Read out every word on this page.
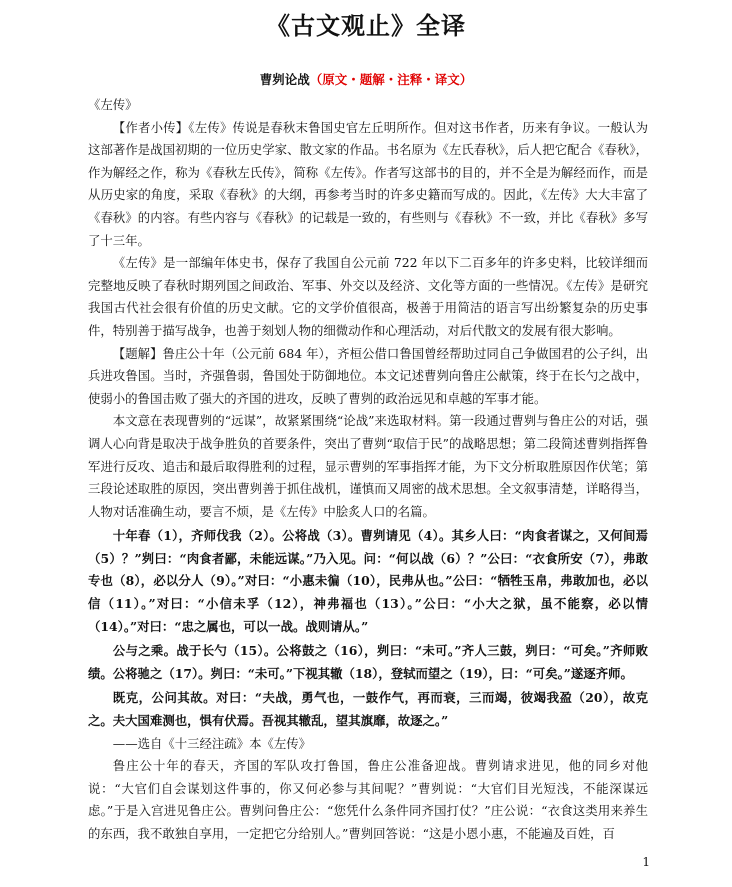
《古文观止》全译
曹刿论战（原文・题解・注释・译文）

《左传》

【作者小传】《左传》传说是春秋末鲁国史官左丘明所作。但对这书作者，历来有争议。一般认为这部著作是战国初期的一位历史学家、散文家的作品。书名原为《左氏春秋》，后人把它配合《春秋》，作为解经之作，称为《春秋左氏传》，简称《左传》。作者写这部书的目的，并不全是为解经而作，而是从历史家的角度，采取《春秋》的大纲，再参考当时的许多史籍而写成的。因此，《左传》大大丰富了《春秋》的内容。有些内容与《春秋》的记载是一致的，有些则与《春秋》不一致，并比《春秋》多写了十三年。

《左传》是一部编年体史书，保存了我国自公元前 722 年以下二百多年的许多史料，比较详细而完整地反映了春秋时期列国之间政治、军事、外交以及经济、文化等方面的一些情况。《左传》是研究我国古代社会很有价值的历史文献。它的文学价值很高，极善于用简洁的语言写出纷繁复杂的历史事件，特别善于描写战争，也善于刻划人物的细微动作和心理活动，对后代散文的发展有很大影响。

【题解】鲁庄公十年（公元前 684 年），齐桓公借口鲁国曾经帮助过同自己争做国君的公子纠，出兵进攻鲁国。当时，齐强鲁弱，鲁国处于防御地位。本文记述曹刿向鲁庄公献策，终于在长勺之战中，使弱小的鲁国击败了强大的齐国的进攻，反映了曹刿的政治远见和卓越的军事才能。

本文意在表现曹刿的“远谋”，故紧紧围绕“论战”来选取材料。第一段通过曹刿与鲁庄公的对话，强调人心向背是取决于战争胜负的首要条件，突出了曹刿“取信于民”的战略思想；第二段简述曹刿指挥鲁军进行反攻、追击和最后取得胜利的过程，显示曹刿的军事指挥才能，为下文分析取胜原因作伏笔；第三段论述取胜的原因，突出曹刿善于抓住战机，谨慎而又周密的战术思想。全文叙事清楚，详略得当，人物对话准确生动，要言不烦，是《左传》中脍炙人口的名篇。

十年春（1），齐师伐我（2）。公将战（3）。曹刿请见（4）。其乡人曰：“肉食者谋之，又何间焉（5）？”刿曰：“肉食者鄙，未能远谋。”乃入见。问：“何以战（6）？”公曰：“衣食所安（7），弗敢专也（8），必以分人（9）。”对曰：“小惠未徧（10），民弗从也。”公曰：“牺牲玉帛，弗敢加也，必以信（11）。”对曰：“小信未孚（12），神弗福也（13）。”公曰：“小大之狱，虽不能察，必以情（14）。”对曰：“忠之属也，可以一战。战则请从。”

公与之乘。战于长勺（15）。公将鼓之（16），刿曰：“未可。”齐人三鼓，刿曰：“可矣。”齐师败绩。公将驰之（17）。刿曰：“未可。”下视其辙（18），登轼而望之（19），曰：“可矣。”遂逐齐师。

既克，公问其故。对曰：“夫战，勇气也，一鼓作气，再而衰，三而竭，彼竭我盈（20），故克之。夫大国难测也，惧有伏焉。吾视其辙乱，望其旗靡，故逐之。”

——选自《十三经注疏》本《左传》

鲁庄公十年的春天，齐国的军队攻打鲁国，鲁庄公准备迎战。曹刿请求进见，他的同乡对他说：“大官们自会谋划这件事的，你又何必参与其间呢？”曹刿说：“大官们目光短浅，不能深谋远虑。”于是入宫进见鲁庄公。曹刿问鲁庄公：“您凭什么条件同齐国打仗？”庄公说：“衣食这类用来养生的东西，我不敢独自享用，一定把它分给别人。”曹刿回答说：“这是小恩小惠，不能遍及百姓，百

1
